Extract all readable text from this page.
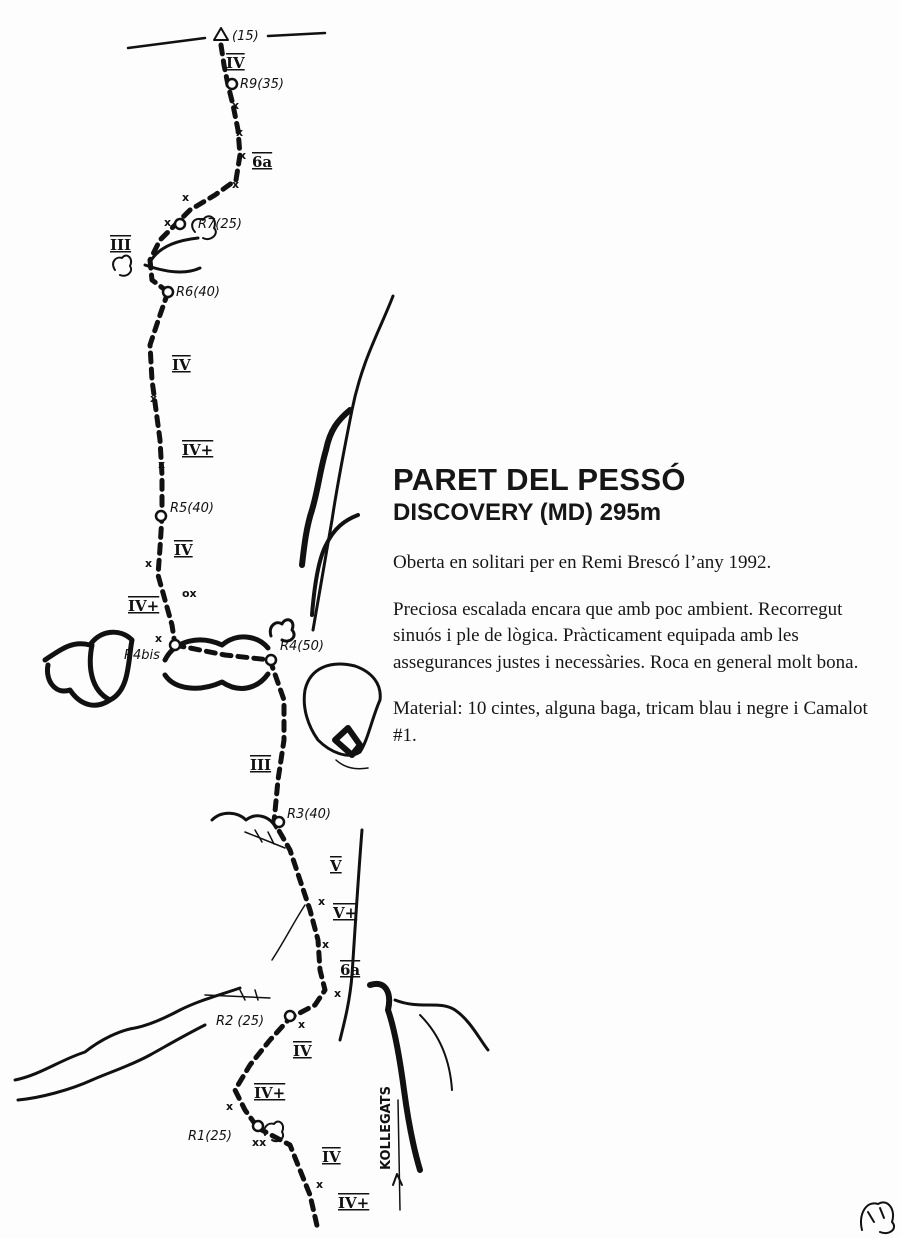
x
x
x
x
x
x
x
x
x
ox
x
x
x
x
x
x
xx
x
(15)
R9(35)
R7(25)
R6(40)
R5(40)
R4bis
R4(50)
R3(40)
R2 (25)
R1(25)
IV
6a
III
IV
IV+
IV
IV+
III
V
V+
6a
IV
IV+
IV
IV+
KOLLEGATS
PARET DEL PESSÓ
DISCOVERY (MD) 295m

Oberta en solitari per en Remi Brescó l’any 1992.

Preciosa escalada encara que amb poc ambient. Recorregut sinuós i ple de lògica. Pràcticament equipada amb les assegurances justes i necessàries. Roca en general molt bona.

Material: 10 cintes, alguna baga, tricam blau i negre i Camalot #1.
